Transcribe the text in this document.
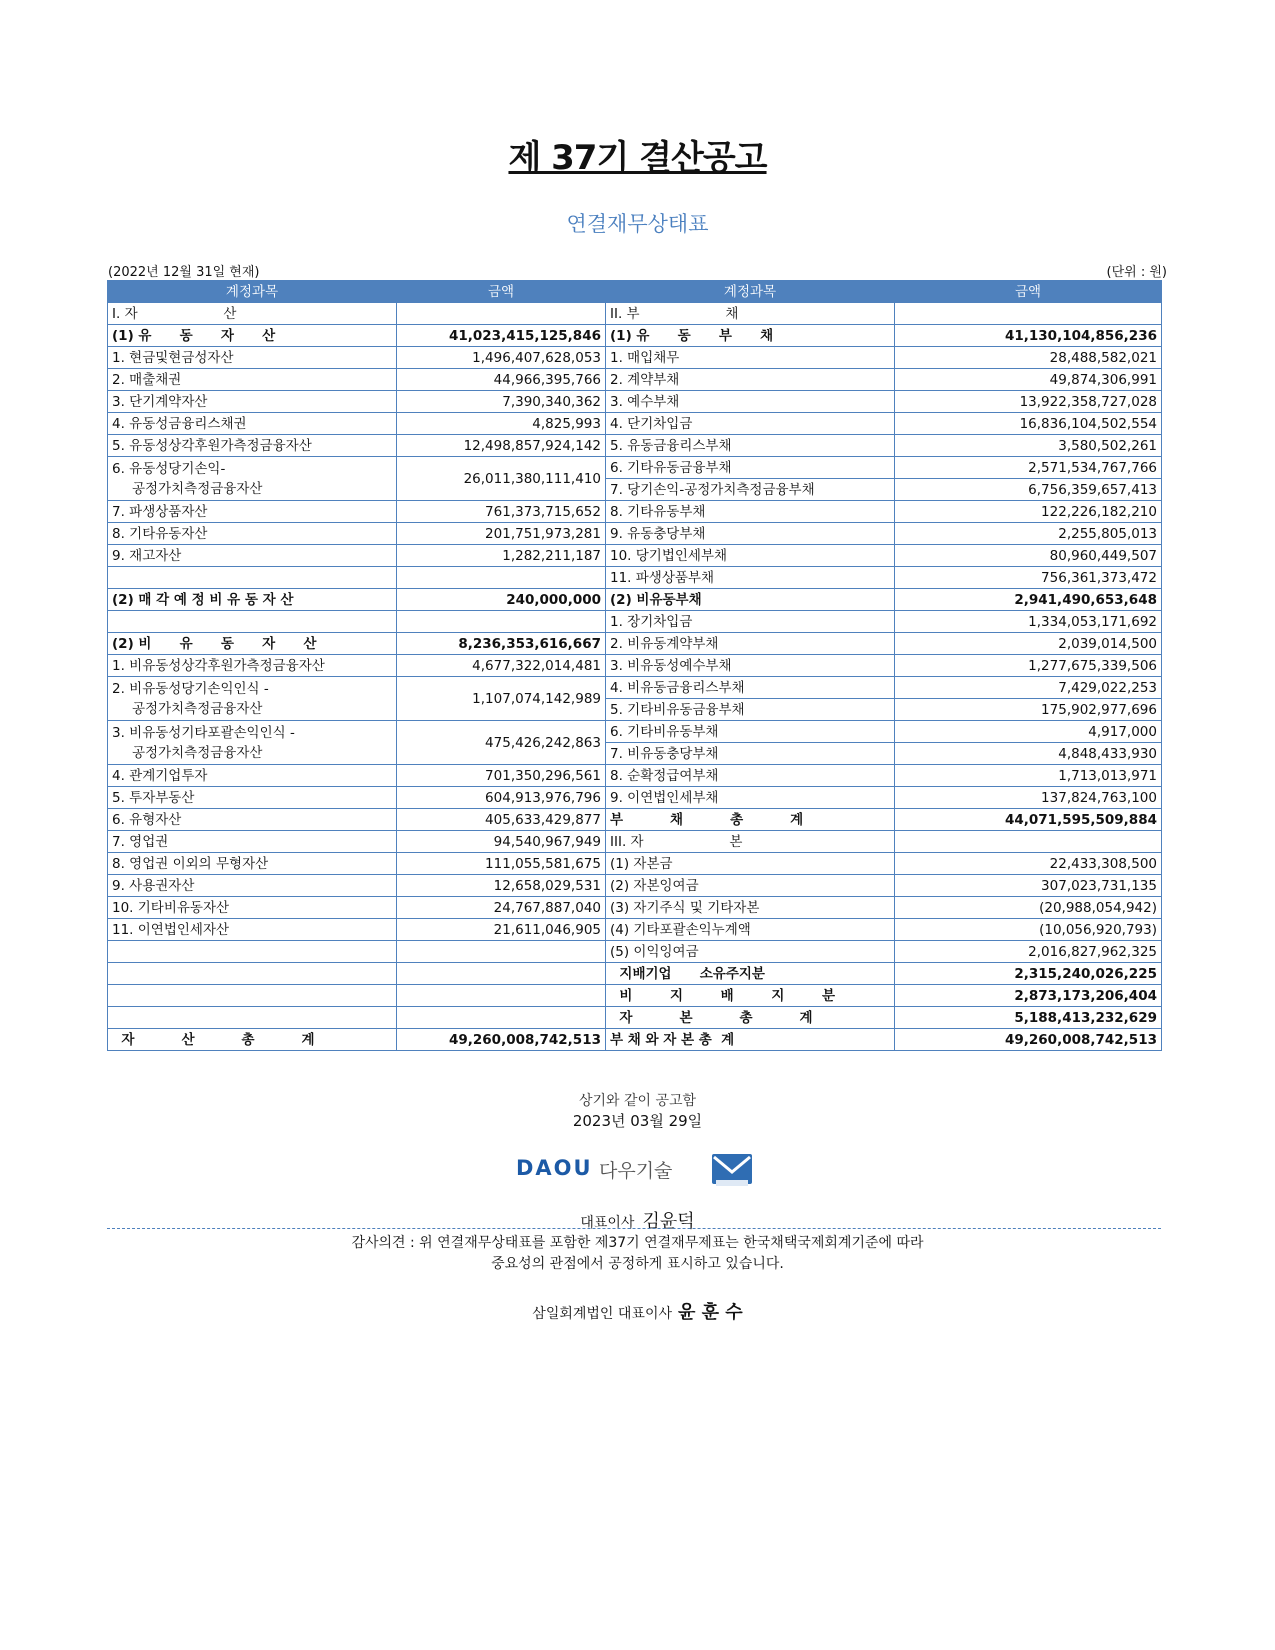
제 37기 결산공고
연결재무상태표
(2022년 12월 31일 현재)	(단위 : 원)
계정과목	금액	계정과목	금액
I. 자                    산		II. 부                    채	
(1) 유      동      자      산	41,023,415,125,846	(1) 유      동      부      채	41,130,104,856,236
1. 현금및현금성자산	1,496,407,628,053	1. 매입채무	28,488,582,021
2. 매출채권	44,966,395,766	2. 계약부채	49,874,306,991
3. 단기계약자산	7,390,340,362	3. 예수부채	13,922,358,727,028
4. 유동성금융리스채권	4,825,993	4. 단기차입금	16,836,104,502,554
5. 유동성상각후원가측정금융자산	12,498,857,924,142	5. 유동금융리스부채	3,580,502,261
6. 유동성당기손익-
공정가치측정금융자산	26,011,380,111,410	6. 기타유동금융부채	2,571,534,767,766
		7. 당기손익-공정가치측정금융부채	6,756,359,657,413
7. 파생상품자산	761,373,715,652	8. 기타유동부채	122,226,182,210
8. 기타유동자산	201,751,973,281	9. 유동충당부채	2,255,805,013
9. 재고자산	1,282,211,187	10. 당기법인세부채	80,960,449,507
		11. 파생상품부채	756,361,373,472
(2) 매 각 예 정 비 유 동 자 산	240,000,000	(2) 비유동부채	2,941,490,653,648
		1. 장기차입금	1,334,053,171,692
(2) 비      유      동      자      산	8,236,353,616,667	2. 비유동계약부채	2,039,014,500
1. 비유동성상각후원가측정금융자산	4,677,322,014,481	3. 비유동성예수부채	1,277,675,339,506
2. 비유동성당기손익인식 -
공정가치측정금융자산	1,107,074,142,989	4. 비유동금융리스부채	7,429,022,253
		5. 기타비유동금융부채	175,902,977,696
3. 비유동성기타포괄손익인식 -
공정가치측정금융자산	475,426,242,863	6. 기타비유동부채	4,917,000
		7. 비유동충당부채	4,848,433,930
4. 관계기업투자	701,350,296,561	8. 순확정급여부채	1,713,013,971
5. 투자부동산	604,913,976,796	9. 이연법인세부채	137,824,763,100
6. 유형자산	405,633,429,877	부          채          총          계	44,071,595,509,884
7. 영업권	94,540,967,949	III. 자                    본	
8. 영업권 이외의 무형자산	111,055,581,675	(1) 자본금	22,433,308,500
9. 사용권자산	12,658,029,531	(2) 자본잉여금	307,023,731,135
10. 기타비유동자산	24,767,887,040	(3) 자기주식 및 기타자본	(20,988,054,942)
11. 이연법인세자산	21,611,046,905	(4) 기타포괄손익누계액	(10,056,920,793)
		(5) 이익잉여금	2,016,827,962,325
		지배기업      소유주지분	2,315,240,026,225
		비        지        배        지        분	2,873,173,206,404
		자          본          총          계	5,188,413,232,629
자          산          총          계	49,260,008,742,513	부 채 와 자 본 총  계	49,260,008,742,513
상기와 같이 공고함
2023년 03월 29일
DAOU 다우기술
대표이사 김윤덕
감사의견 : 위 연결재무상태표를 포함한 제37기 연결재무제표는 한국채택국제회계기준에 따라
중요성의 관점에서 공정하게 표시하고 있습니다.
삼일회계법인 대표이사 윤 훈 수
